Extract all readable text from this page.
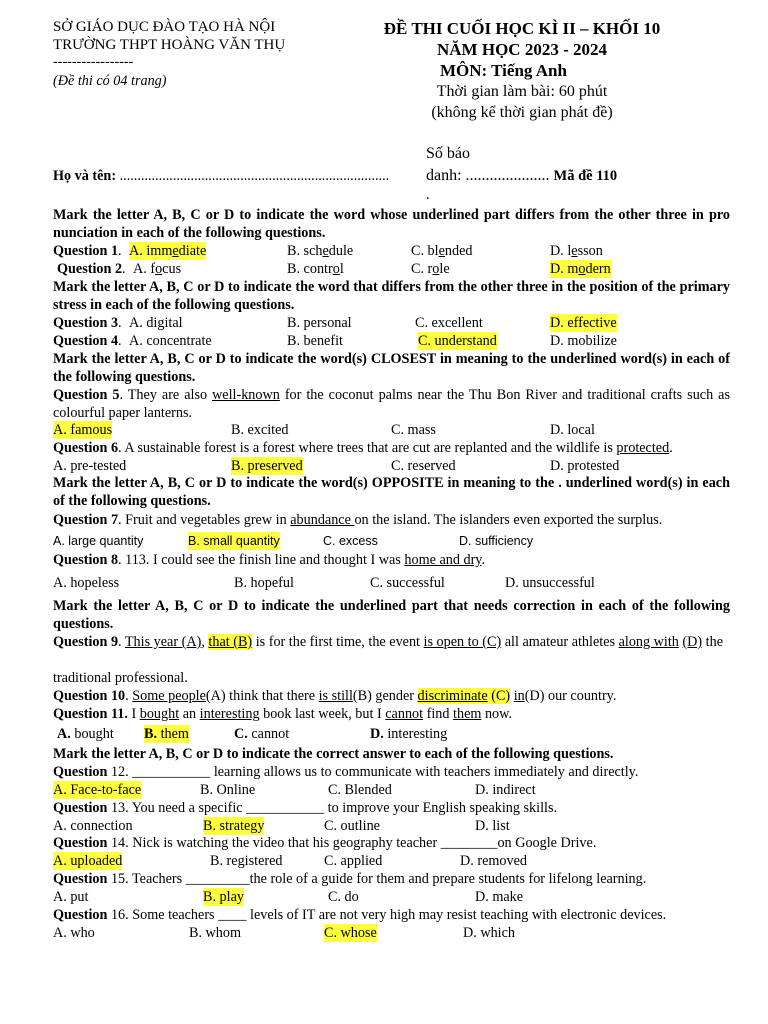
SỞ GIÁO DỤC ĐÀO TẠO HÀ NỘI
TRƯỜNG THPT HOÀNG VĂN THỤ
-----------------
(Đề thi có 04 trang)
ĐỀ THI CUỐI HỌC KÌ II – KHỐI 10
NĂM HỌC 2023 - 2024
MÔN: Tiếng Anh
Thời gian làm bài: 60 phút
(không kể thời gian phát đề)
Số báo
Họ và tên: ............................................................................ danh: ..................... Mã đề 110
.
Mark the letter A, B, C or D to indicate the word whose underlined part differs from the other three in pro nunciation in each of the following questions.
Question 1. A. immediate	B. schedule	C. blended	D. lesson
Question 2. A. focus	B. control	C. role	D. modern
Mark the letter A, B, C or D to indicate the word that differs from the other three in the position of the primary stress in each of the following questions.
Question 3. A. digital	B. personal	C. excellent	D. effective
Question 4. A. concentrate	B. benefit	C. understand	D. mobilize
Mark the letter A, B, C or D to indicate the word(s) CLOSEST in meaning to the underlined word(s) in each of the following questions.
Question 5. They are also well-known for the coconut palms near the Thu Bon River and traditional crafts such as colourful paper lanterns.
A. famous	B. excited	C. mass	D. local
Question 6. A sustainable forest is a forest where trees that are cut are replanted and the wildlife is protected.
A. pre-tested	B. preserved	C. reserved	D. protested
Mark the letter A, B, C or D to indicate the word(s) OPPOSITE in meaning to the . underlined word(s) in each of the following questions.
Question 7. Fruit and vegetables grew in abundance on the island. The islanders even exported the surplus.
A. large quantity	B. small quantity	C. excess	D. sufficiency
Question 8. 113. I could see the finish line and thought I was home and dry.
A. hopeless	B. hopeful	C. successful	D. unsuccessful
Mark the letter A, B, C or D to indicate the underlined part that needs correction in each of the following questions.
Question 9. This year (A), that (B) is for the first time, the event is open to (C) all amateur athletes along with (D) the
traditional professional.
Question 10. Some people(A) think that there is still(B) gender discriminate (C) in(D) our country.
Question 11. I bought an interesting book last week, but I cannot find them now.
A. bought B. them	C. cannot	D. interesting
Mark the letter A, B, C or D to indicate the correct answer to each of the following questions.
Question 12. ___________ learning allows us to communicate with teachers immediately and directly.
A. Face-to-face	B. Online	C. Blended	D. indirect
Question 13. You need a specific ___________ to improve your English speaking skills.
A. connection	B. strategy	C. outline	D. list
Question 14. Nick is watching the video that his geography teacher ________on Google Drive.
A. uploaded	B. registered	C. applied	D. removed
Question 15. Teachers _________the role of a guide for them and prepare students for lifelong learning.
A. put	B. play	C. do	D. make
Question 16. Some teachers ____ levels of IT are not very high may resist teaching with electronic devices.
A. who	B. whom	C. whose	D. which
